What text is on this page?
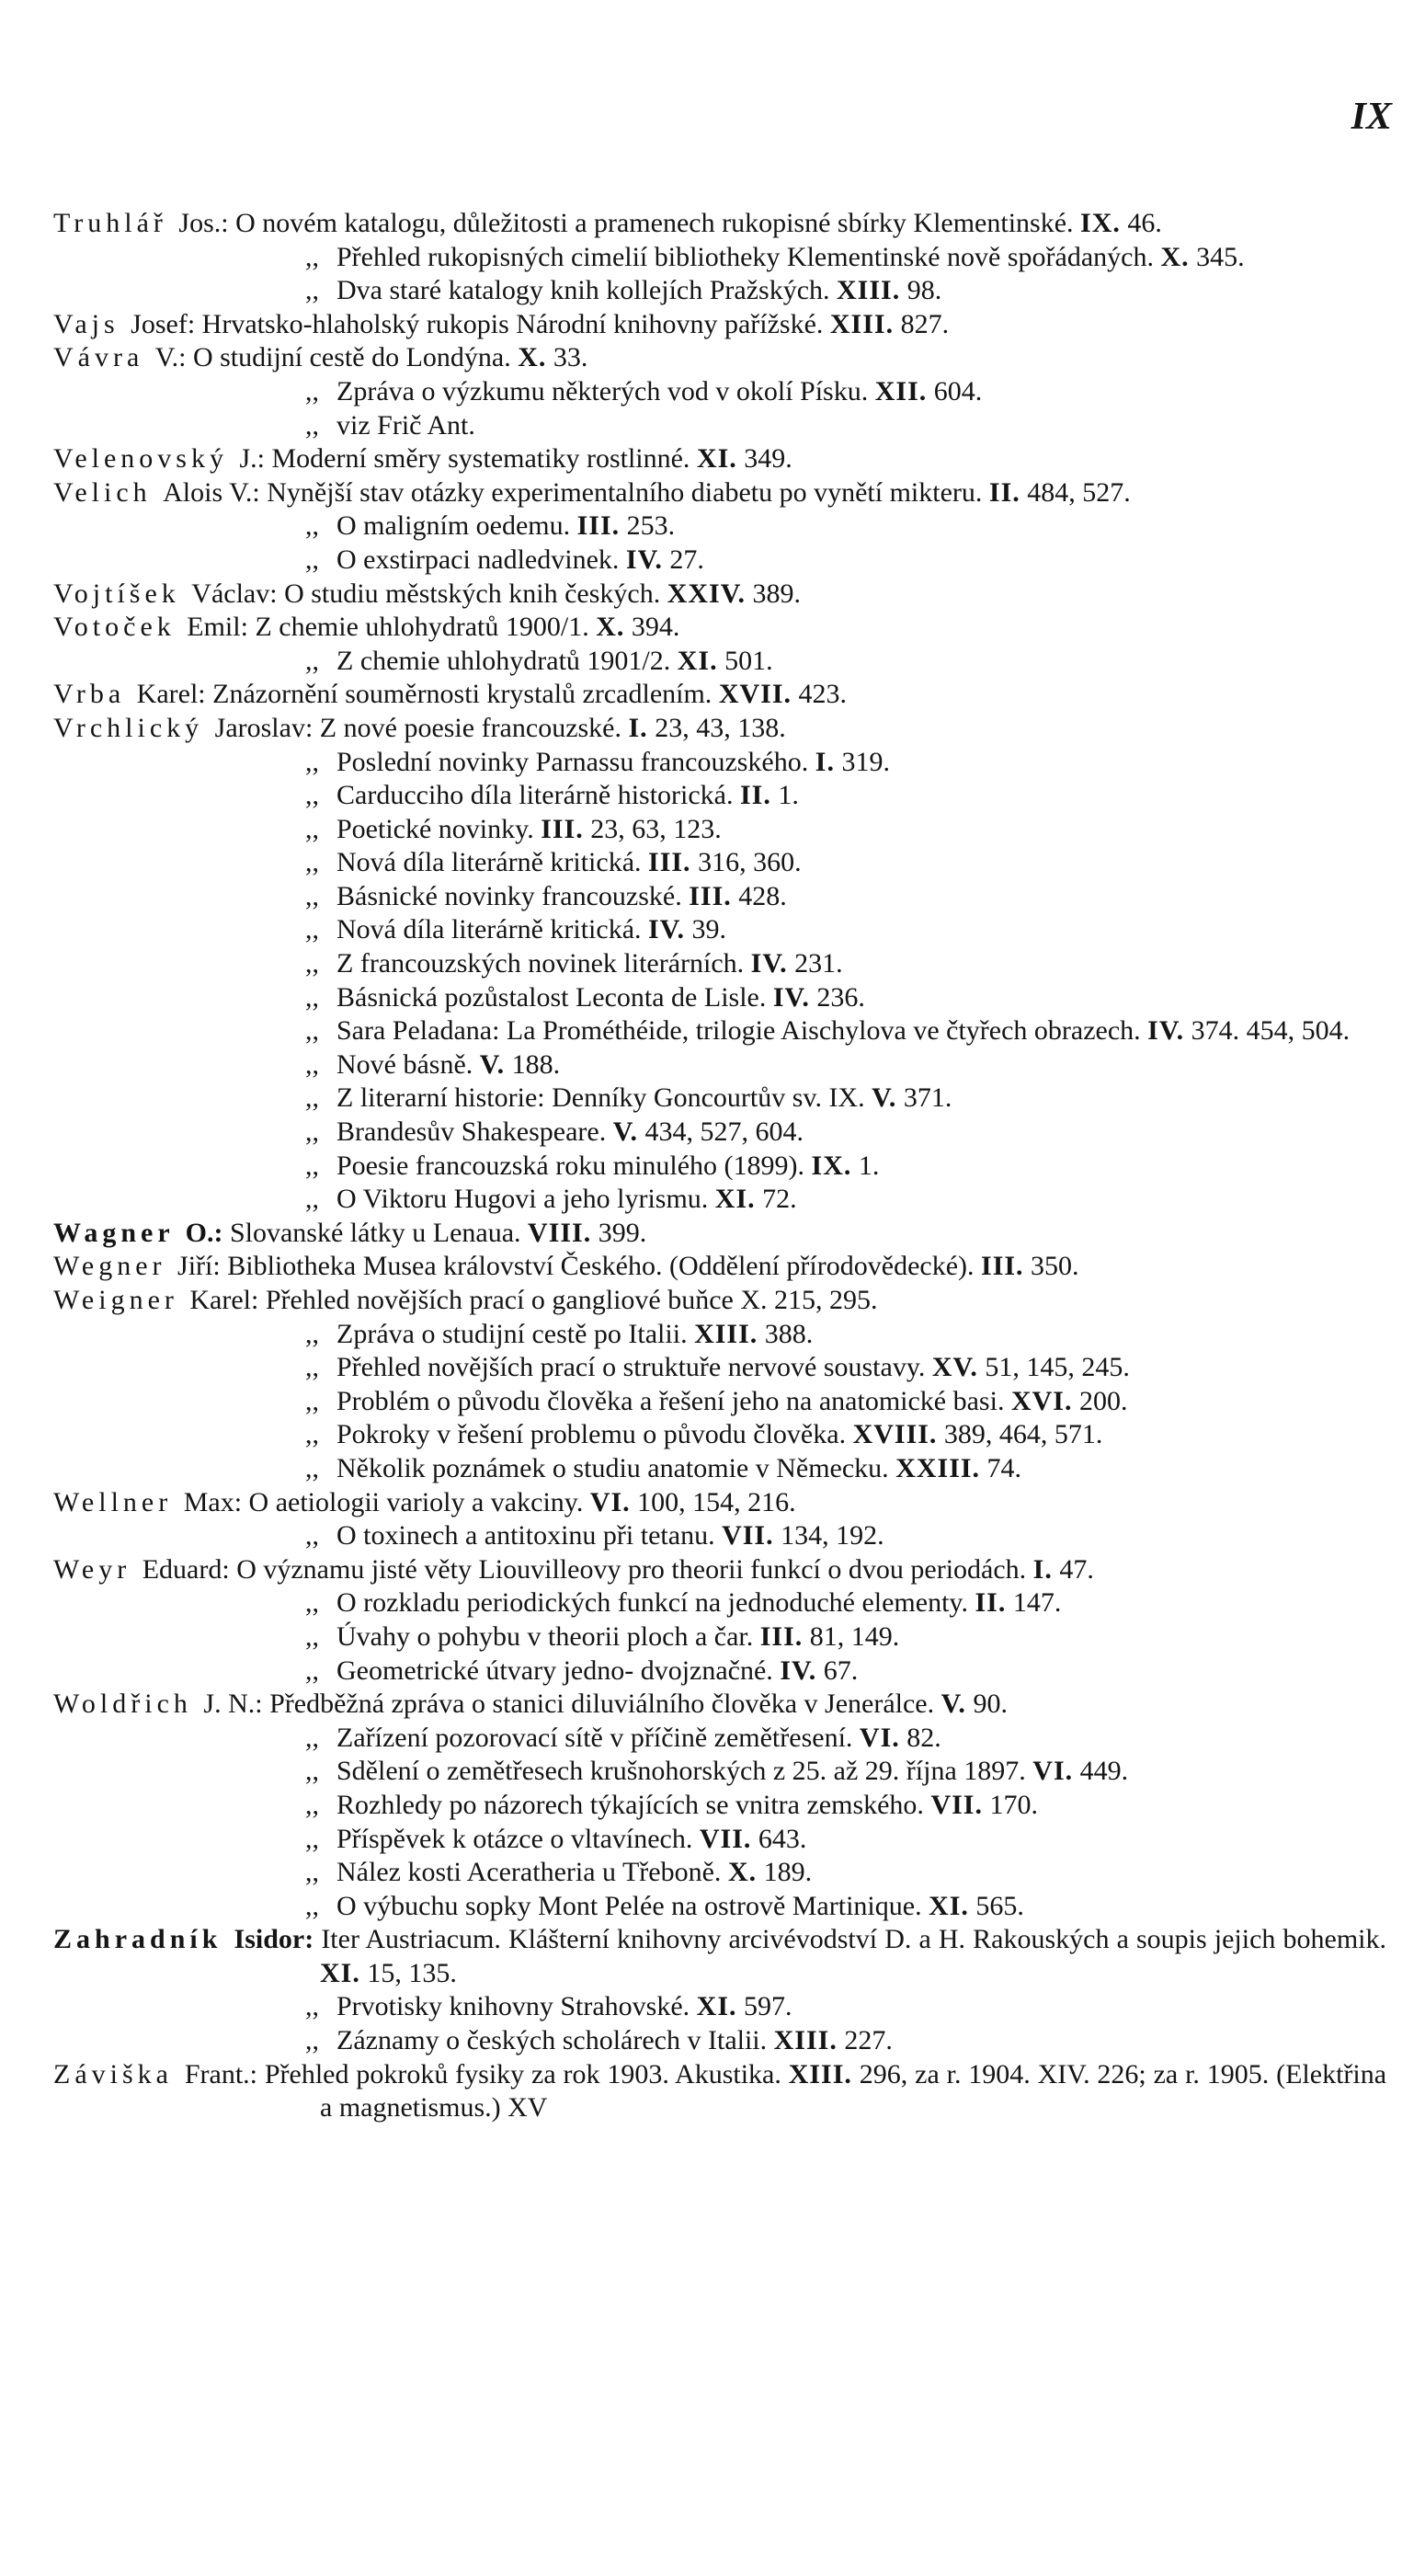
IX
Truhlář Jos.: O novém katalogu, důležitosti a pramenech rukopisné sbírky Klementinské. IX. 46.
,, Přehled rukopisných cimelií bibliotheky Klementinské nově spořádaných. X. 345.
,, Dva staré katalogy knih kollejích Pražských. XIII. 98.
Vajs Josef: Hrvatsko-hlaholský rukopis Národní knihovny pařížské. XIII. 827.
Vávra V.: O studijní cestě do Londýna. X. 33.
,, Zpráva o výzkumu některých vod v okolí Písku. XII. 604.
,, viz Frič Ant.
Velenovský J.: Moderní směry systematiky rostlinné. XI. 349.
Velich Alois V.: Nynější stav otázky experimentalního diabetu po vynětí mikteru. II. 484, 527.
,, O maligním oedemu. III. 253.
,, O exstirpaci nadledvinek. IV. 27.
Vojtíšek Václav: O studiu městských knih českých. XXIV. 389.
Votoček Emil: Z chemie uhlohydratů 1900/1. X. 394.
,, Z chemie uhlohydratů 1901/2. XI. 501.
Vrba Karel: Znázornění souměrnosti krystalů zrcadlením. XVII. 423.
Vrchlický Jaroslav: Z nové poesie francouzské. I. 23, 43, 138.
,, Poslední novinky Parnassu francouzského. I. 319.
,, Carducciho díla literárně historická. II. 1.
,, Poetické novinky. III. 23, 63, 123.
,, Nová díla literárně kritická. III. 316, 360.
,, Básnické novinky francouzské. III. 428.
,, Nová díla literárně kritická. IV. 39.
,, Z francouzských novinek literárních. IV. 231.
,, Básnická pozůstalost Leconta de Lisle. IV. 236.
,, Sara Peladana: La Prométhéide, trilogie Aischylova ve čtyřech obrazech. IV. 374. 454, 504.
,, Nové básně. V. 188.
,, Z literarní historie: Denníky Goncourtův sv. IX. V. 371.
,, Brandesův Shakespeare. V. 434, 527, 604.
,, Poesie francouzská roku minulého (1899). IX. 1.
,, O Viktoru Hugovi a jeho lyrismu. XI. 72.
Wagner O.: Slovanské látky u Lenaua. VIII. 399.
Wegner Jiří: Bibliotheka Musea království Českého. (Oddělení přírodovědecké). III. 350.
Weigner Karel: Přehled novějších prací o gangliové buňce X. 215, 295.
,, Zpráva o studijní cestě po Italii. XIII. 388.
,, Přehled novějších prací o struktuře nervové soustavy. XV. 51, 145, 245.
,, Problém o původu člověka a řešení jeho na anatomické basi. XVI. 200.
,, Pokroky v řešení problemu o původu člověka. XVIII. 389, 464, 571.
,, Několik poznámek o studiu anatomie v Německu. XXIII. 74.
Wellner Max: O aetiologii varioly a vakciny. VI. 100, 154, 216.
,, O toxinech a antitoxinu při tetanu. VII. 134, 192.
Weyr Eduard: O významu jisté věty Liouvilleovy pro theorii funkcí o dvou periodách. I. 47.
,, O rozkladu periodických funkcí na jednoduché elementy. II. 147.
,, Úvahy o pohybu v theorii ploch a čar. III. 81, 149.
,, Geometrické útvary jedno- dvojznačné. IV. 67.
Woldřich J. N.: Předběžná zpráva o stanici diluviálního člověka v Jenerálce. V. 90.
,, Zařízení pozorovací sítě v příčině zemětřesení. VI. 82.
,, Sdělení o zemětřesech krušnohorských z 25. až 29. října 1897. VI. 449.
,, Rozhledy po názorech týkajících se vnitra zemského. VII. 170.
,, Příspěvek k otázce o vltavínech. VII. 643.
,, Nález kosti Aceratheria u Třeboně. X. 189.
,, O výbuchu sopky Mont Pelée na ostrově Martinique. XI. 565.
Zahradník Isidor: Iter Austriacum. Klášterní knihovny arcivévodství D. a H. Rakouských a soupis jejich bohemik. XI. 15, 135.
,, Prvotisky knihovny Strahovské. XI. 597.
,, Záznamy o českých scholárech v Italii. XIII. 227.
Záviška Frant.: Přehled pokroků fysiky za rok 1903. Akustika. XIII. 296, za r. 1904. XIV. 226; za r. 1905. (Elektřina a magnetismus.) XV
